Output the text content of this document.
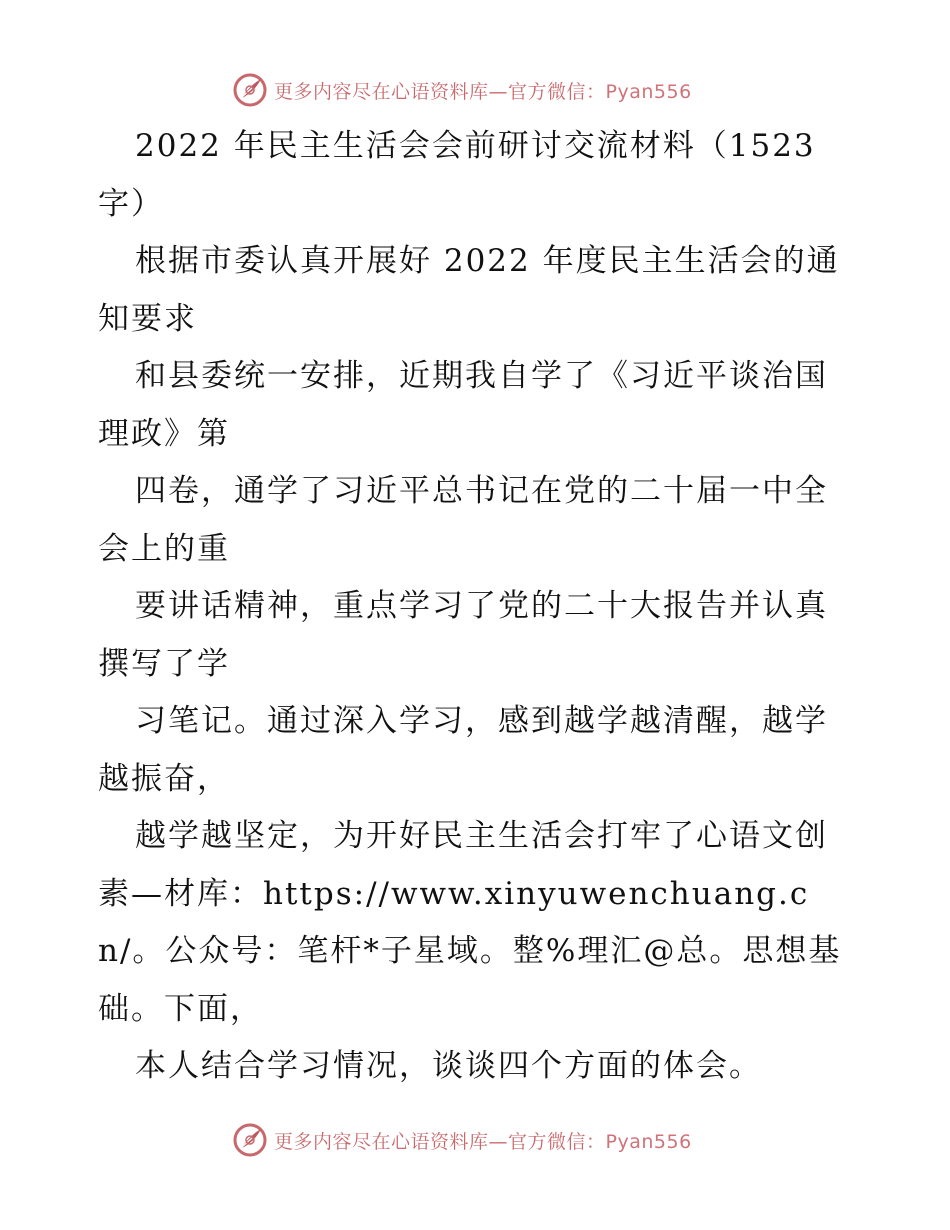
更多内容尽在心语资料库—官方微信：Pyan556

2022 年民主生活会会前研讨交流材料（1523 字）

根据市委认真开展好 2022 年度民主生活会的通知要求

和县委统一安排，近期我自学了《习近平谈治国理政》第

四卷，通学了习近平总书记在党的二十届一中全会上的重

要讲话精神，重点学习了党的二十大报告并认真撰写了学

习笔记。通过深入学习，感到越学越清醒，越学越振奋，

越学越坚定，为开好民主生活会打牢了心语文创素—材库：https://www.xinyuwenchuang.cn/。公众号：笔杆*子星域。整%理汇@总。思想基础。下面，

本人结合学习情况，谈谈四个方面的体会。

更多内容尽在心语资料库—官方微信：Pyan556
